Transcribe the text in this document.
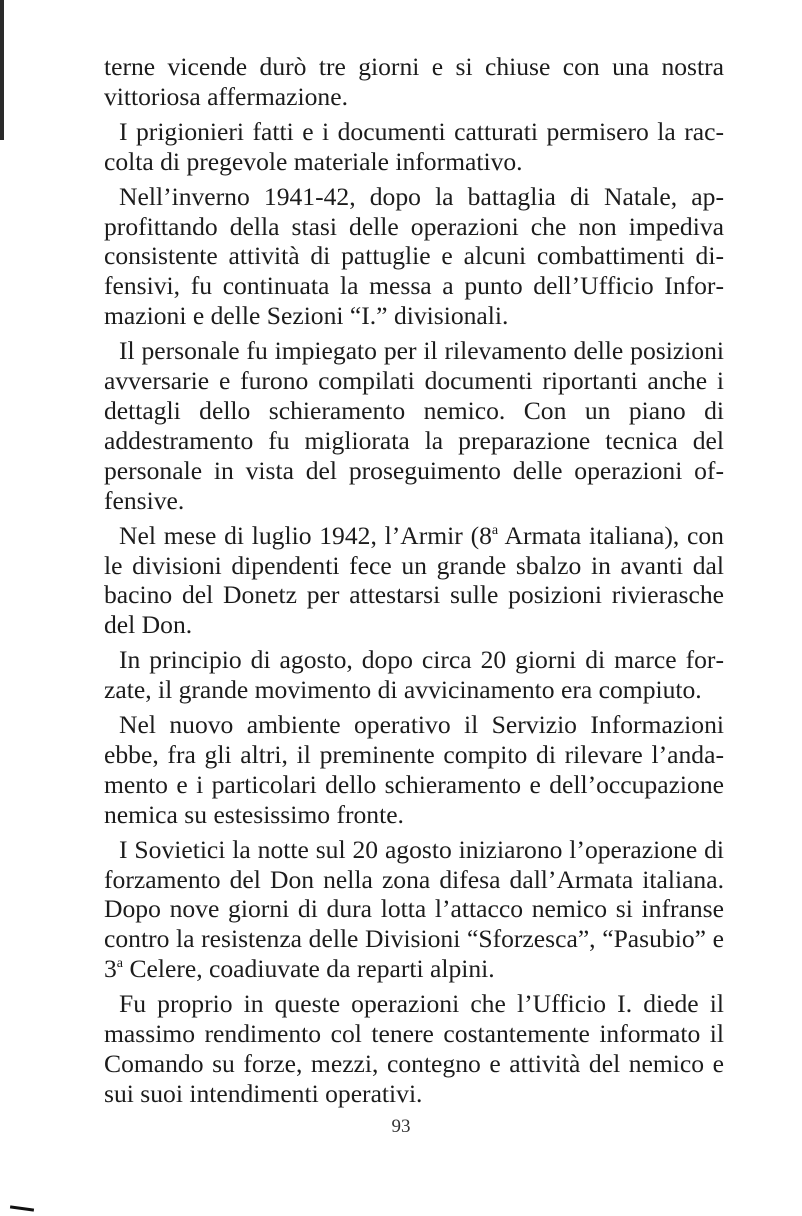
terne vicende durò tre giorni e si chiuse con una nostra vittoriosa affermazione.

I prigionieri fatti e i documenti catturati permisero la raccolta di pregevole materiale informativo.

Nell’inverno 1941-42, dopo la battaglia di Natale, approfittando della stasi delle operazioni che non impediva consistente attività di pattuglie e alcuni combattimenti difensivi, fu continuata la messa a punto dell’Ufficio Informazioni e delle Sezioni “I.” divisionali.

Il personale fu impiegato per il rilevamento delle posizioni avversarie e furono compilati documenti riportanti anche i dettagli dello schieramento nemico. Con un piano di addestramento fu migliorata la preparazione tecnica del personale in vista del proseguimento delle operazioni offensive.

Nel mese di luglio 1942, l’Armir (8$^a$ Armata italiana), con le divisioni dipendenti fece un grande sbalzo in avanti dal bacino del Donetz per attestarsi sulle posizioni rivierasche del Don.

In principio di agosto, dopo circa 20 giorni di marce forzate, il grande movimento di avvicinamento era compiuto.

Nel nuovo ambiente operativo il Servizio Informazioni ebbe, fra gli altri, il preminente compito di rilevare l’andamento e i particolari dello schieramento e dell’occupazione nemica su estesissimo fronte.

I Sovietici la notte sul 20 agosto iniziarono l’operazione di forzamento del Don nella zona difesa dall’Armata italiana. Dopo nove giorni di dura lotta l’attacco nemico si infranse contro la resistenza delle Divisioni “Sforzesca”, “Pasubio” e 3$^a$ Celere, coadiuvate da reparti alpini.

Fu proprio in queste operazioni che l’Ufficio I. diede il massimo rendimento col tenere costantemente informato il Comando su forze, mezzi, contegno e attività del nemico e sui suoi intendimenti operativi.

93
